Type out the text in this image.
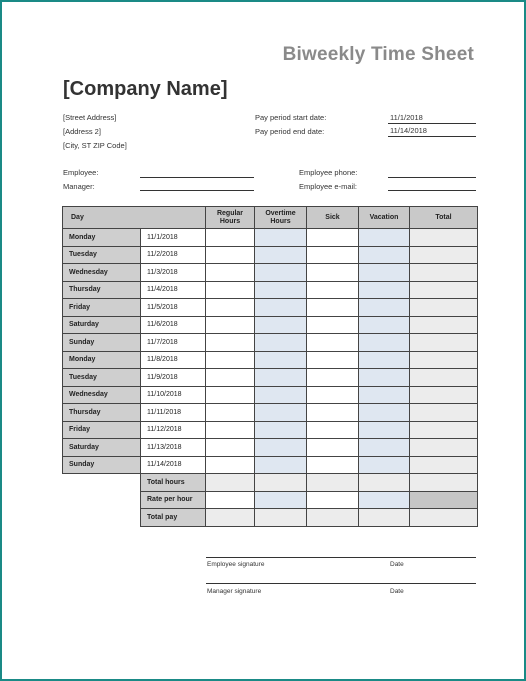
Biweekly Time Sheet
[Company Name]
[Street Address]
[Address 2]
[City, ST ZIP Code]
Pay period start date:	11/1/2018
Pay period end date:	11/14/2018
Employee:
Manager:
Employee phone:
Employee e-mail:
Day		Regular Hours	Overtime Hours	Sick	Vacation	Total
Monday	11/1/2018					
Tuesday	11/2/2018					
Wednesday	11/3/2018					
Thursday	11/4/2018					
Friday	11/5/2018					
Saturday	11/6/2018					
Sunday	11/7/2018					
Monday	11/8/2018					
Tuesday	11/9/2018					
Wednesday	11/10/2018					
Thursday	11/11/2018					
Friday	11/12/2018					
Saturday	11/13/2018					
Sunday	11/14/2018					
	Total hours					
	Rate per hour					
	Total pay					
Employee signature	Date
Manager signature	Date
